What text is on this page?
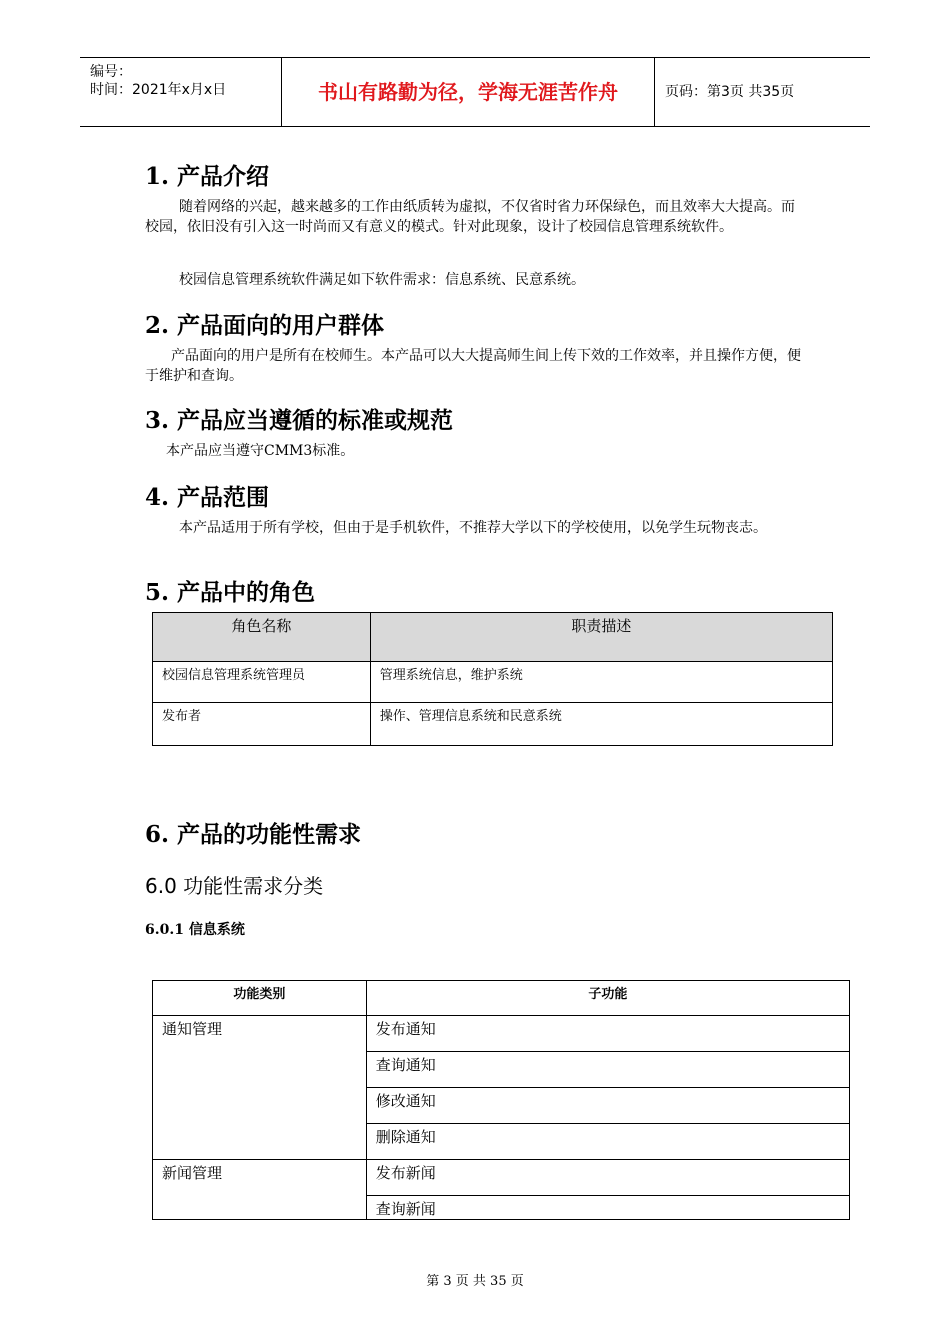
编号：
时间：2021年x月x日	书山有路勤为径，学海无涯苦作舟	页码：第3页 共35页
1. 产品介绍

随着网络的兴起，越来越多的工作由纸质转为虚拟，不仅省时省力环保绿色，而且效率大大提高。而校园，依旧没有引入这一时尚而又有意义的模式。针对此现象，设计了校园信息管理系统软件。

校园信息管理系统软件满足如下软件需求：信息系统、民意系统。

2. 产品面向的用户群体

产品面向的用户是所有在校师生。本产品可以大大提高师生间上传下效的工作效率，并且操作方便，便于维护和查询。

3. 产品应当遵循的标准或规范

本产品应当遵守CMM3标准。

4. 产品范围

本产品适用于所有学校，但由于是手机软件，不推荐大学以下的学校使用，以免学生玩物丧志。

5. 产品中的角色
角色名称	职责描述
校园信息管理系统管理员	管理系统信息，维护系统
发布者	操作、管理信息系统和民意系统
6. 产品的功能性需求
6.0 功能性需求分类
6.0.1 信息系统
功能类别	子功能
通知管理	发布通知
	查询通知
	修改通知
	删除通知
新闻管理	发布新闻
	查询新闻
第 3 页 共 35 页
